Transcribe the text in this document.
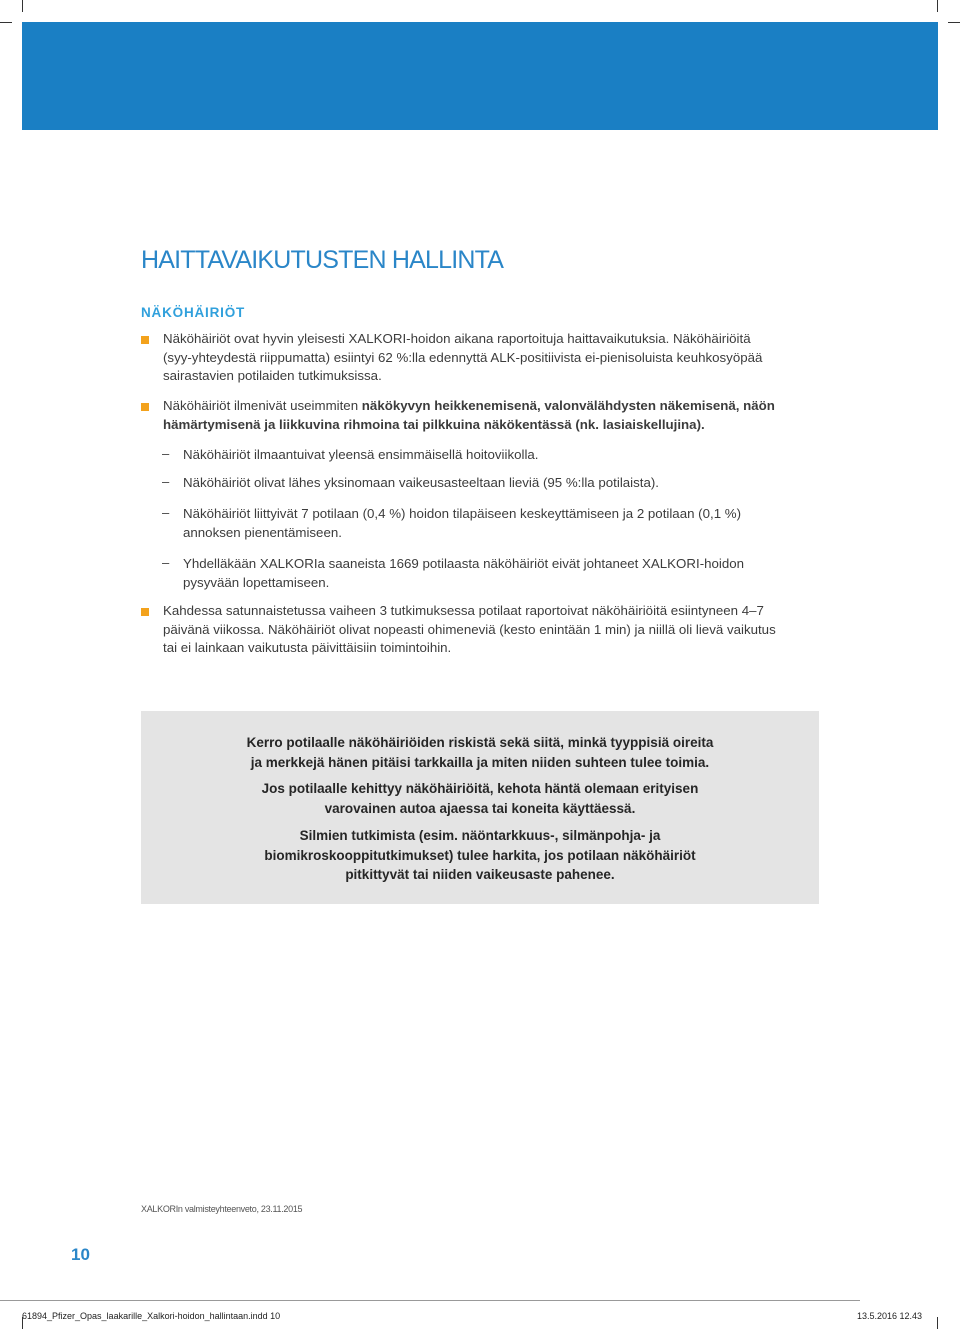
HAITTAVAIKUTUSTEN HALLINTA
NÄKÖHÄIRIÖT

Näköhäiriöt ovat hyvin yleisesti XALKORI-hoidon aikana raportoituja haittavaikutuksia. Näköhäiriöitä

(syy-yhteydestä riippumatta) esiintyi 62 %:lla edennyttä ALK-positiivista ei-pienisoluista keuhkosyöpää

sairastavien potilaiden tutkimuksissa.

Näköhäiriöt ilmenivät useimmiten näkökyvyn heikkenemisenä, valonvälähdysten näkemisenä, näön

hämärtymisenä ja liikkuvina rihmoina tai pilkkuina näkökentässä (nk. lasiaiskellujina).

– Näköhäiriöt ilmaantuivat yleensä ensimmäisellä hoitoviikolla.

– Näköhäiriöt olivat lähes yksinomaan vaikeusasteeltaan lieviä (95 %:lla potilaista).

– Näköhäiriöt liittyivät 7 potilaan (0,4 %) hoidon tilapäiseen keskeyttämiseen ja 2 potilaan (0,1 %)

annoksen pienentämiseen.

– Yhdelläkään XALKORIa saaneista 1669 potilaasta näköhäiriöt eivät johtaneet XALKORI-hoidon

pysyvään lopettamiseen.

Kahdessa satunnaistetussa vaiheen 3 tutkimuksessa potilaat raportoivat näköhäiriöitä esiintyneen 4–7

päivänä viikossa. Näköhäiriöt olivat nopeasti ohimeneviä (kesto enintään 1 min) ja niillä oli lievä vaikutus

tai ei lainkaan vaikutusta päivittäisiin toimintoihin.

Kerro potilaalle näköhäiriöiden riskistä sekä siitä, minkä tyyppisiä oireita
ja merkkejä hänen pitäisi tarkkailla ja miten niiden suhteen tulee toimia.
Jos potilaalle kehittyy näköhäiriöitä, kehota häntä olemaan erityisen
varovainen autoa ajaessa tai koneita käyttäessä.
Silmien tutkimista (esim. näöntarkkuus-, silmänpohja- ja
biomikroskooppitutkimukset) tulee harkita, jos potilaan näköhäiriöt
pitkittyvät tai niiden vaikeusaste pahenee.
XALKORIn valmisteyhteenveto, 23.11.2015
10
61894_Pfizer_Opas_laakarille_Xalkori-hoidon_hallintaan.indd 10	13.5.2016 12.43
